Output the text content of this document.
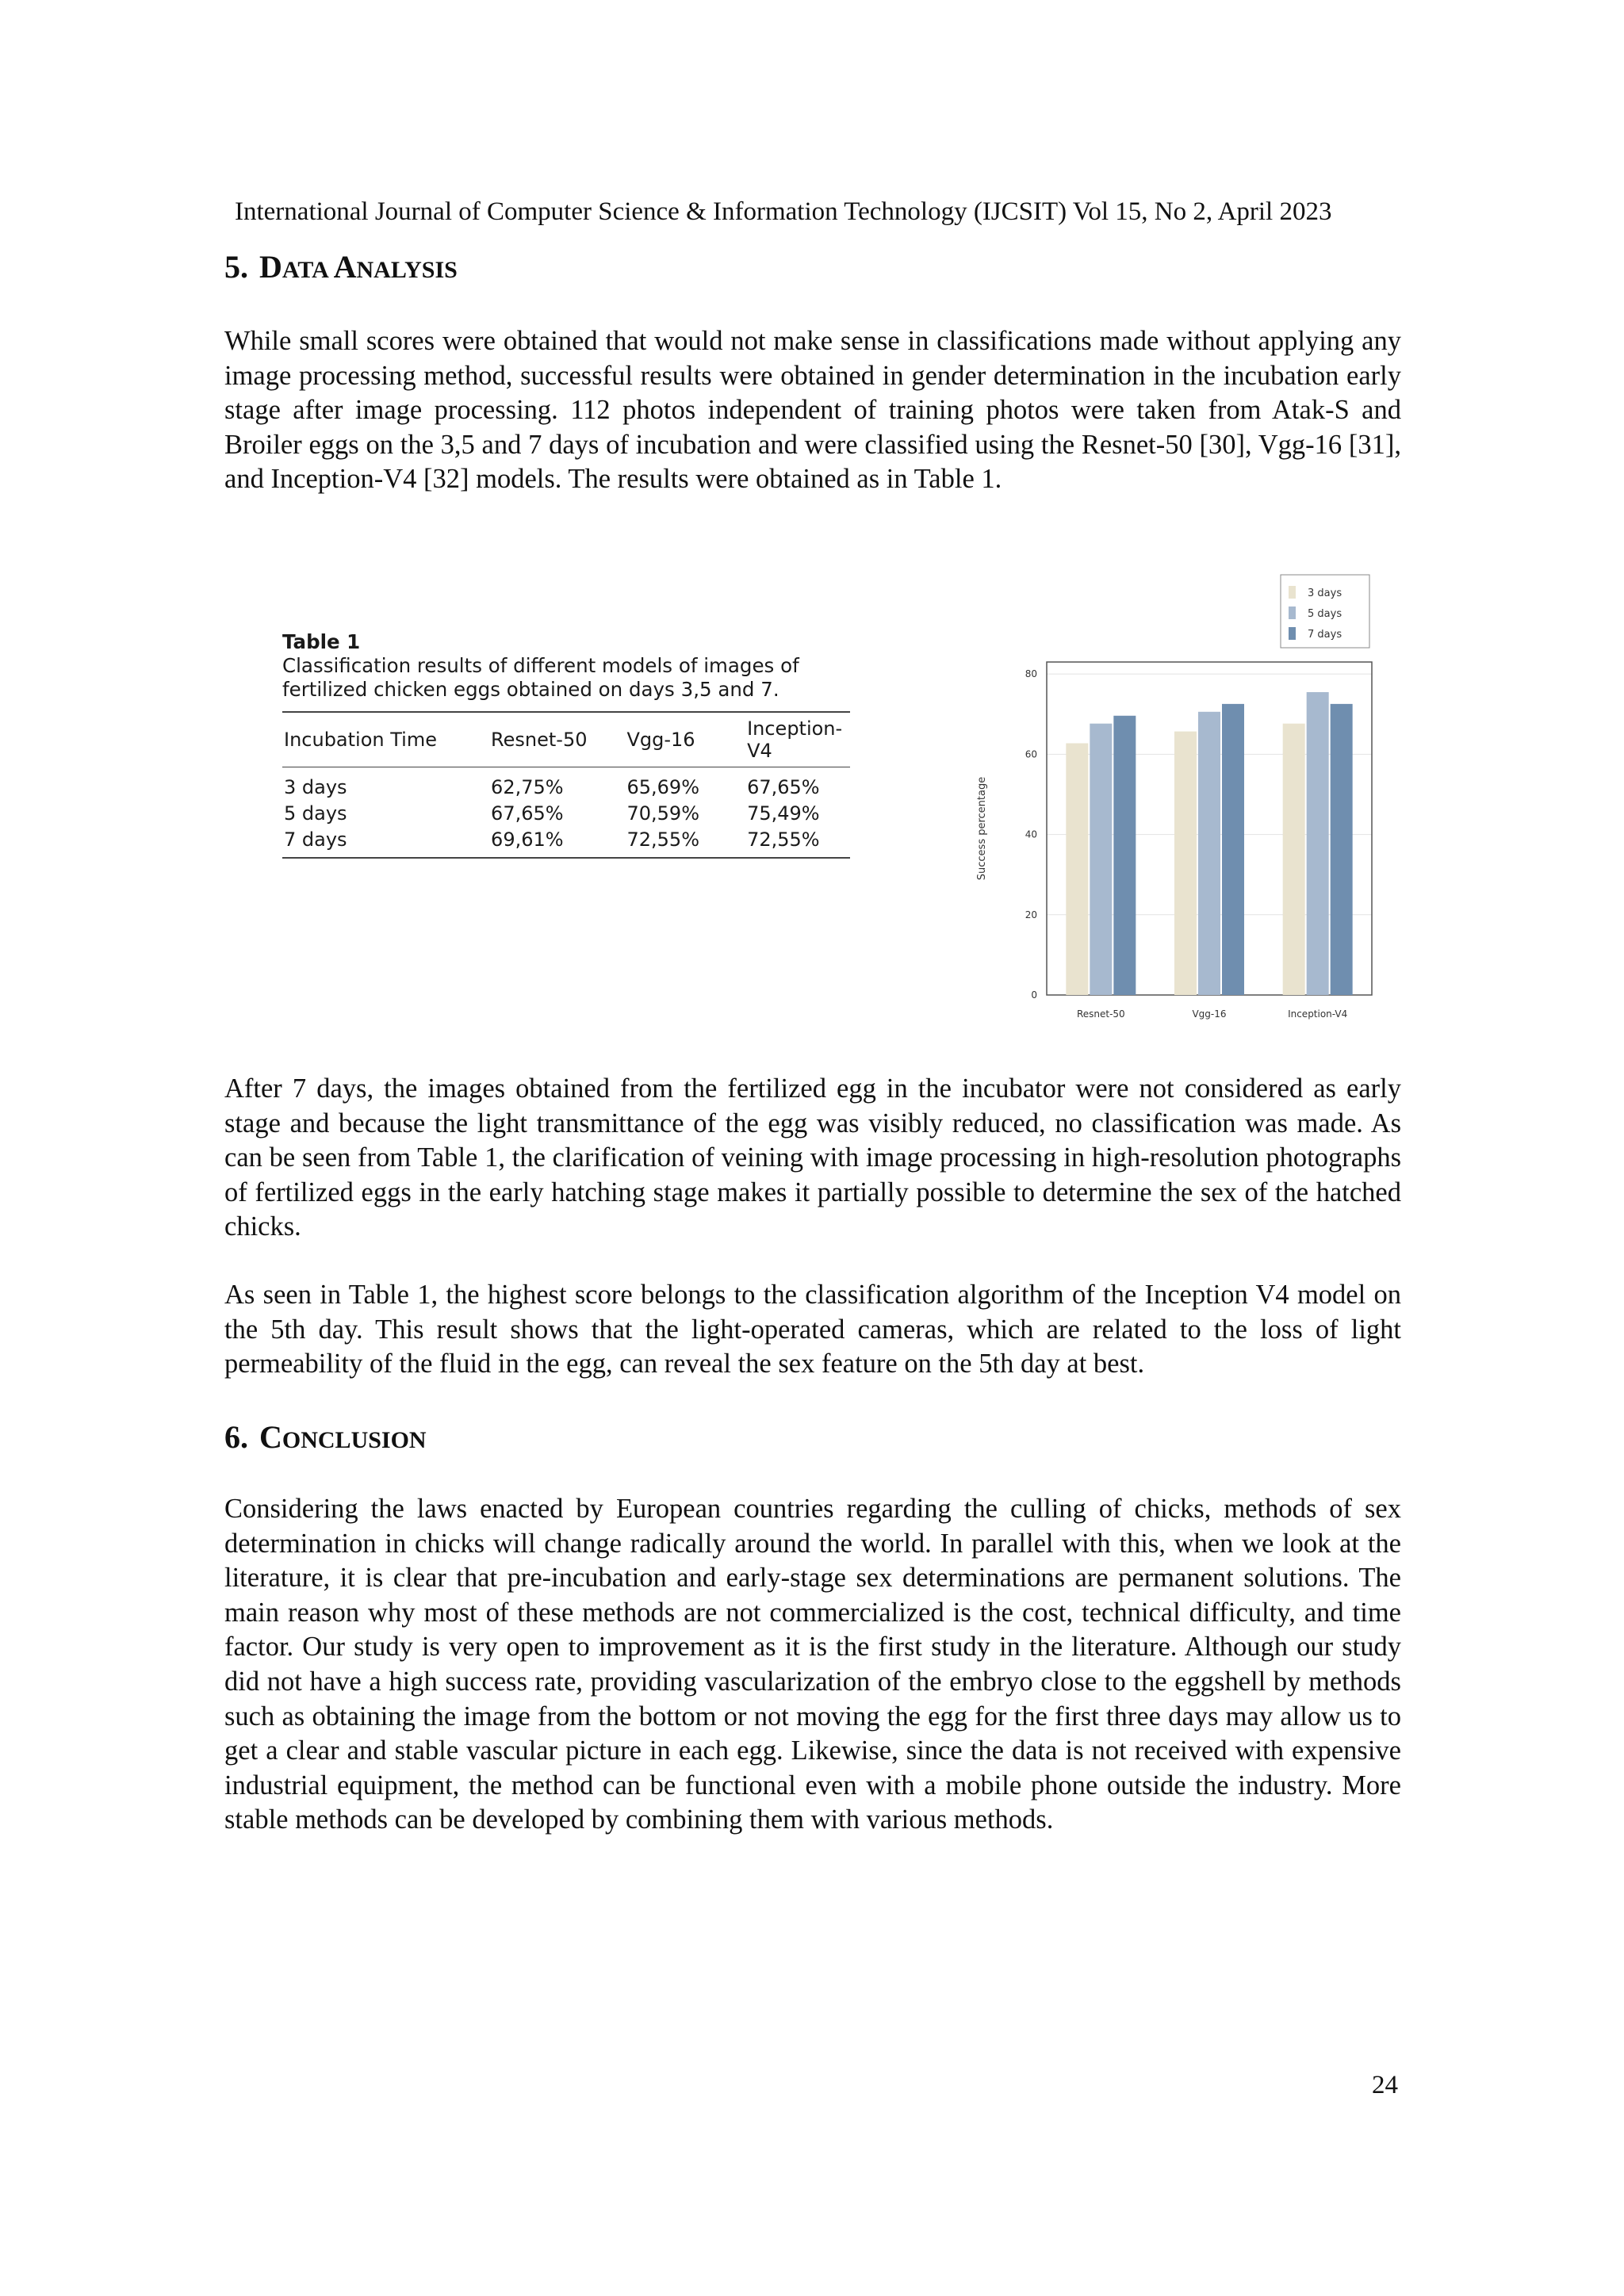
International Journal of Computer Science & Information Technology (IJCSIT) Vol 15, No 2, April 2023
5. DATA ANALYSIS

While small scores were obtained that would not make sense in classifications made without applying any image processing method, successful results were obtained in gender determination in the incubation early stage after image processing. 112 photos independent of training photos were taken from Atak-S and Broiler eggs on the 3,5 and 7 days of incubation and were classified using the Resnet-50 [30], Vgg-16 [31], and Inception-V4 [32] models. The results were obtained as in Table 1.

Table 1
Classification results of different models of images of fertilized chicken eggs obtained on days 3,5 and 7.
Incubation Time	Resnet-50	Vgg-16	Inception-V4
3 days	62,75%	65,69%	67,65%
5 days	67,65%	70,59%	75,49%
7 days	69,61%	72,55%	72,55%
0
20
40
60
80
Resnet-50	Vgg-16	Inception-V4
Success percentage
3 days
5 days
7 days
6. CONCLUSION

After 7 days, the images obtained from the fertilized egg in the incubator were not considered as early stage and because the light transmittance of the egg was visibly reduced, no classification was made. As can be seen from Table 1, the clarification of veining with image processing in high-resolution photographs of fertilized eggs in the early hatching stage makes it partially possible to determine the sex of the hatched chicks.

As seen in Table 1, the highest score belongs to the classification algorithm of the Inception V4 model on the 5th day. This result shows that the light-operated cameras, which are related to the loss of light permeability of the fluid in the egg, can reveal the sex feature on the 5th day at best.

Considering the laws enacted by European countries regarding the culling of chicks, methods of sex determination in chicks will change radically around the world. In parallel with this, when we look at the literature, it is clear that pre-incubation and early-stage sex determinations are permanent solutions. The main reason why most of these methods are not commercialized is the cost, technical difficulty, and time factor. Our study is very open to improvement as it is the first study in the literature. Although our study did not have a high success rate, providing vascularization of the embryo close to the eggshell by methods such as obtaining the image from the bottom or not moving the egg for the first three days may allow us to get a clear and stable vascular picture in each egg. Likewise, since the data is not received with expensive industrial equipment, the method can be functional even with a mobile phone outside the industry. More stable methods can be developed by combining them with various methods.

24
